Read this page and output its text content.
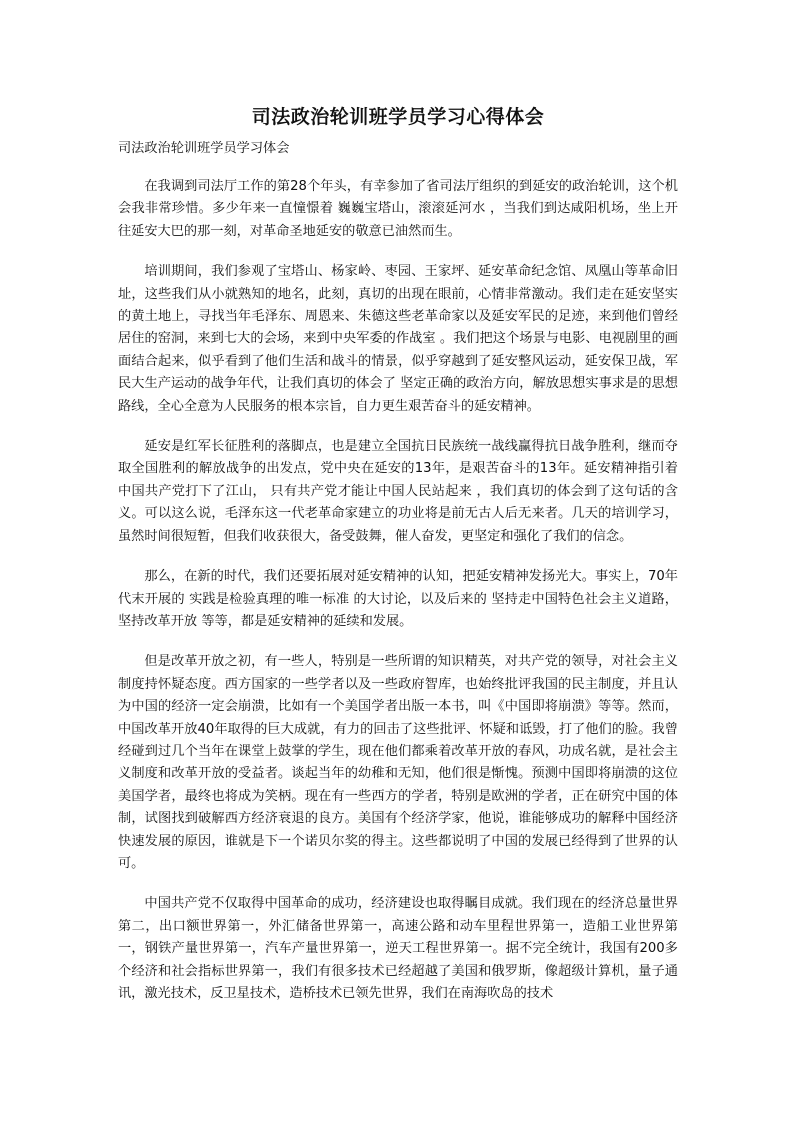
司法政治轮训班学员学习心得体会
司法政治轮训班学员学习体会

在我调到司法厅工作的第28个年头，有幸参加了省司法厅组织的到延安的政治轮训，这个机会我非常珍惜。多少年来一直憧憬着 巍巍宝塔山，滚滚延河水 ，当我们到达咸阳机场，坐上开往延安大巴的那一刻，对革命圣地延安的敬意已油然而生。

培训期间，我们参观了宝塔山、杨家岭、枣园、王家坪、延安革命纪念馆、凤凰山等革命旧址，这些我们从小就熟知的地名，此刻，真切的出现在眼前，心情非常激动。我们走在延安坚实的黄土地上，寻找当年毛泽东、周恩来、朱德这些老革命家以及延安军民的足迹，来到他们曾经居住的窑洞，来到七大的会场，来到中央军委的作战室 。我们把这个场景与电影、电视剧里的画面结合起来，似乎看到了他们生活和战斗的情景，似乎穿越到了延安整风运动，延安保卫战，军民大生产运动的战争年代，让我们真切的体会了 坚定正确的政治方向，解放思想实事求是的思想路线，全心全意为人民服务的根本宗旨，自力更生艰苦奋斗的延安精神。

延安是红军长征胜利的落脚点，也是建立全国抗日民族统一战线赢得抗日战争胜利，继而夺取全国胜利的解放战争的出发点，党中央在延安的13年，是艰苦奋斗的13年。延安精神指引着中国共产党打下了江山， 只有共产党才能让中国人民站起来 ，我们真切的体会到了这句话的含义。可以这么说，毛泽东这一代老革命家建立的功业将是前无古人后无来者。几天的培训学习，虽然时间很短暂，但我们收获很大，备受鼓舞，催人奋发，更坚定和强化了我们的信念。

那么，在新的时代，我们还要拓展对延安精神的认知，把延安精神发扬光大。事实上，70年代末开展的 实践是检验真理的唯一标准 的大讨论，以及后来的 坚持走中国特色社会主义道路，坚持改革开放 等等，都是延安精神的延续和发展。

但是改革开放之初，有一些人，特别是一些所谓的知识精英，对共产党的领导，对社会主义制度持怀疑态度。西方国家的一些学者以及一些政府智库，也始终批评我国的民主制度，并且认为中国的经济一定会崩溃，比如有一个美国学者出版一本书，叫《中国即将崩溃》等等。然而，中国改革开放40年取得的巨大成就，有力的回击了这些批评、怀疑和诋毁，打了他们的脸。我曾经碰到过几个当年在课堂上鼓掌的学生，现在他们都乘着改革开放的春风，功成名就，是社会主义制度和改革开放的受益者。谈起当年的幼稚和无知，他们很是惭愧。预测中国即将崩溃的这位美国学者，最终也将成为笑柄。现在有一些西方的学者，特别是欧洲的学者，正在研究中国的体制，试图找到破解西方经济衰退的良方。美国有个经济学家，他说，谁能够成功的解释中国经济快速发展的原因，谁就是下一个诺贝尔奖的得主。这些都说明了中国的发展已经得到了世界的认可。

中国共产党不仅取得中国革命的成功，经济建设也取得瞩目成就。我们现在的经济总量世界第二，出口额世界第一，外汇储备世界第一，高速公路和动车里程世界第一，造船工业世界第一，钢铁产量世界第一，汽车产量世界第一，逆天工程世界第一。据不完全统计，我国有200多个经济和社会指标世界第一，我们有很多技术已经超越了美国和俄罗斯，像超级计算机，量子通讯，激光技术，反卫星技术，造桥技术已领先世界，我们在南海吹岛的技术
